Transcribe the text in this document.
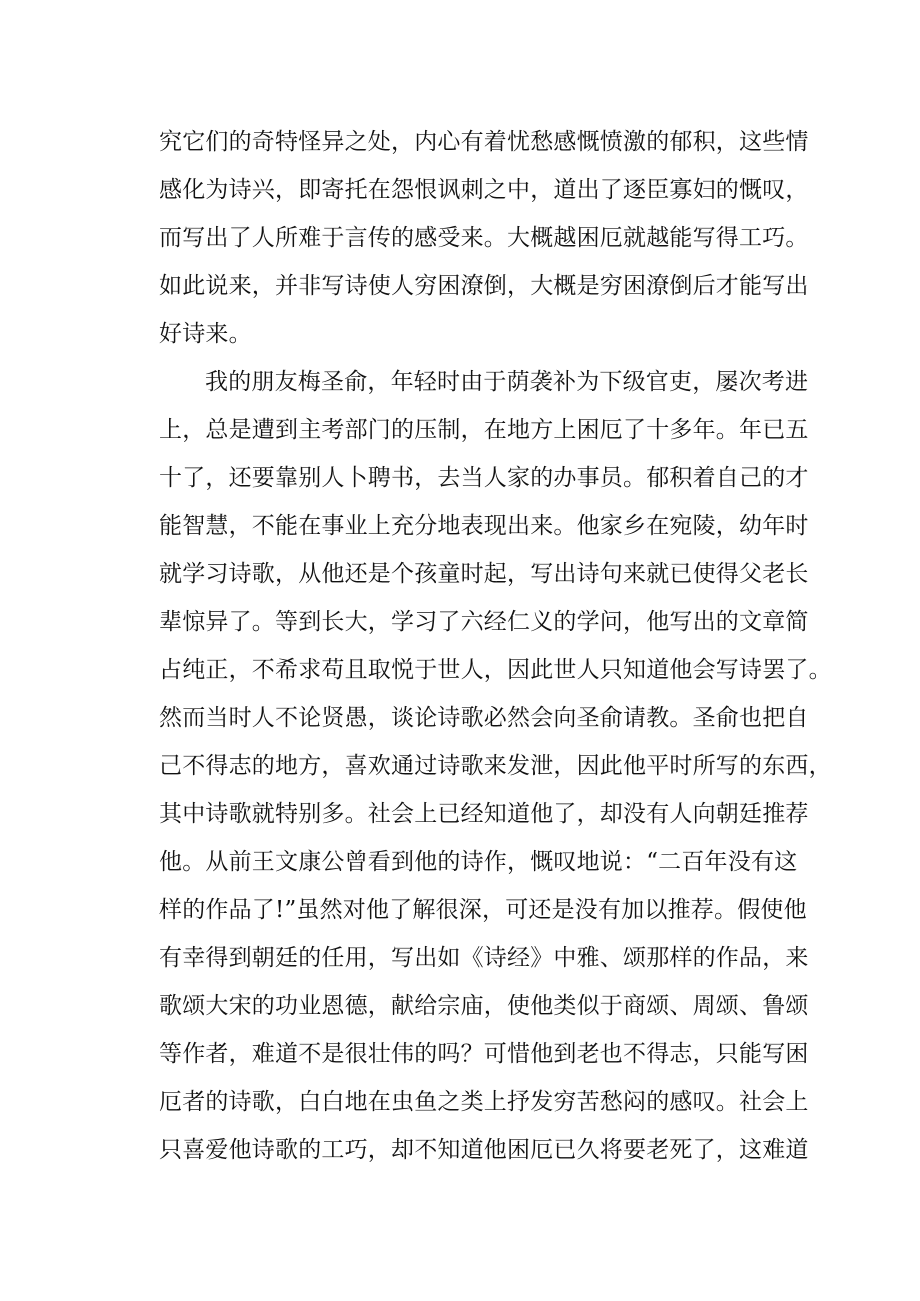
究它们的奇特怪异之处，内心有着忧愁感慨愤激的郁积，这些情
感化为诗兴，即寄托在怨恨讽刺之中，道出了逐臣寡妇的慨叹，
而写出了人所难于言传的感受来。大概越困厄就越能写得工巧。
如此说来，并非写诗使人穷困潦倒，大概是穷困潦倒后才能写出
好诗来。
我的朋友梅圣俞，年轻时由于荫袭补为下级官吏，屡次考进
上，总是遭到主考部门的压制，在地方上困厄了十多年。年已五
十了，还要靠别人卜聘书，去当人家的办事员。郁积着自己的才
能智慧，不能在事业上充分地表现出来。他家乡在宛陵，幼年时
就学习诗歌，从他还是个孩童时起，写出诗句来就已使得父老长
辈惊异了。等到长大，学习了六经仁义的学问，他写出的文章简
占纯正，不希求苟且取悦于世人，因此世人只知道他会写诗罢了。
然而当时人不论贤愚，谈论诗歌必然会向圣俞请教。圣俞也把自
己不得志的地方，喜欢通过诗歌来发泄，因此他平时所写的东西，
其中诗歌就特别多。社会上已经知道他了，却没有人向朝廷推荐
他。从前王文康公曾看到他的诗作，慨叹地说：“二百年没有这
样的作品了!”虽然对他了解很深，可还是没有加以推荐。假使他
有幸得到朝廷的任用，写出如《诗经》中雅、颂那样的作品，来
歌颂大宋的功业恩德，献给宗庙，使他类似于商颂、周颂、鲁颂
等作者，难道不是很壮伟的吗？可惜他到老也不得志，只能写困
厄者的诗歌，白白地在虫鱼之类上抒发穷苦愁闷的感叹。社会上
只喜爱他诗歌的工巧，却不知道他困厄已久将要老死了，这难道
